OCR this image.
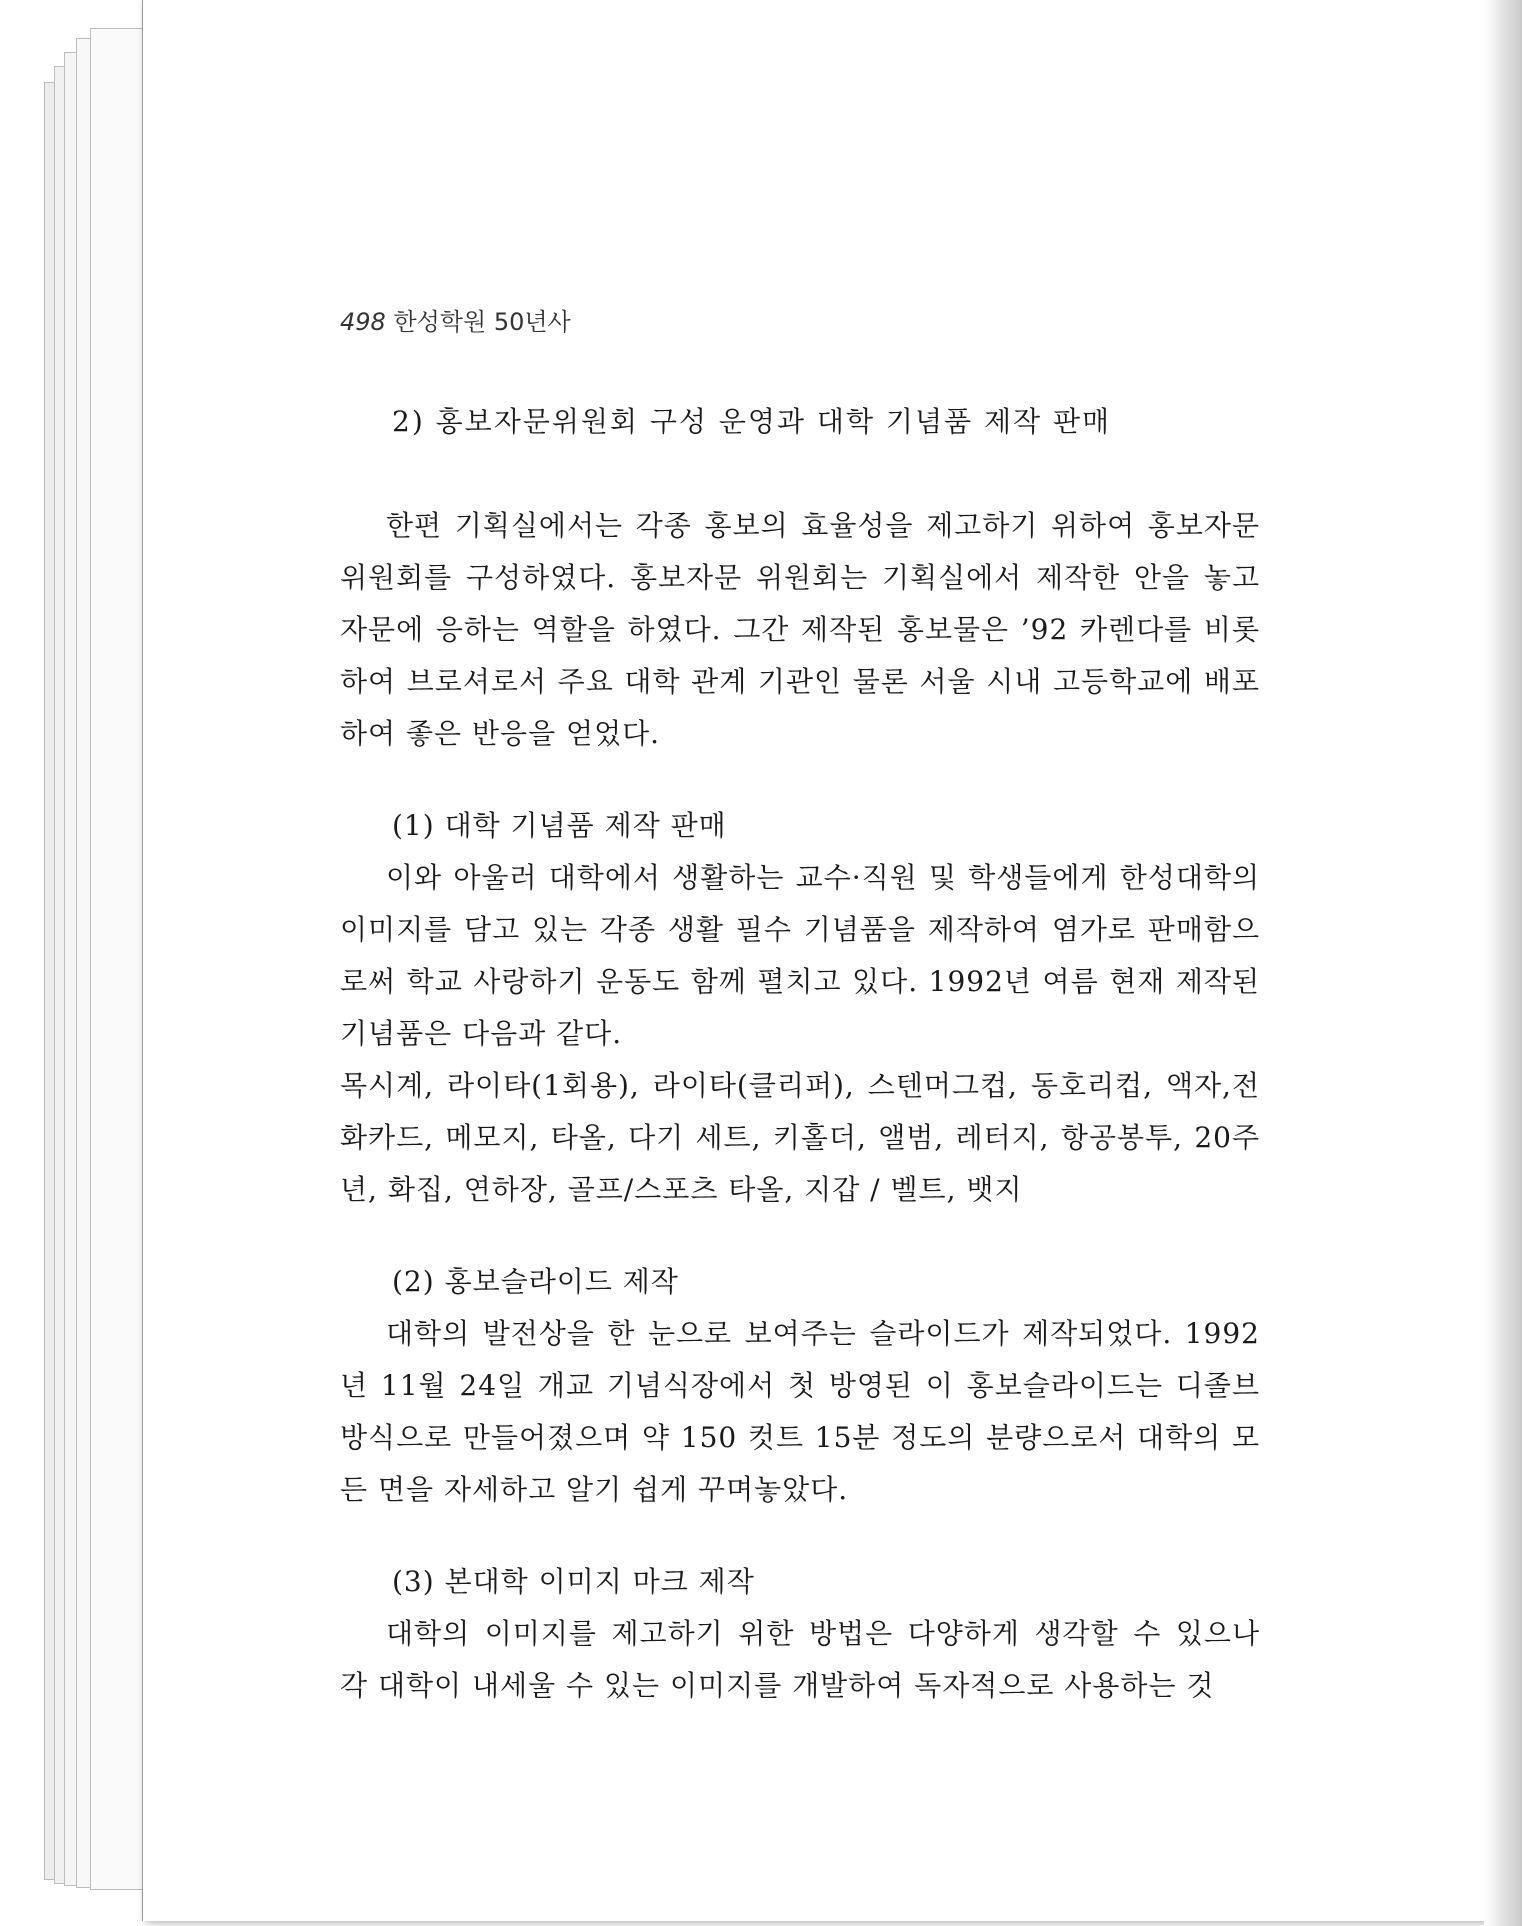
498 한성학원 50년사
2) 홍보자문위원회 구성 운영과 대학 기념품 제작 판매

한편 기획실에서는 각종 홍보의 효율성을 제고하기 위하여 홍보자문위원회를 구성하였다. 홍보자문 위원회는 기획실에서 제작한 안을 놓고 자문에 응하는 역할을 하였다. 그간 제작된 홍보물은 ’92 카렌다를 비롯하여 브로셔로서 주요 대학 관계 기관인 물론 서울 시내 고등학교에 배포하여 좋은 반응을 얻었다.

(1) 대학 기념품 제작 판매

이와 아울러 대학에서 생활하는 교수·직원 및 학생들에게 한성대학의 이미지를 담고 있는 각종 생활 필수 기념품을 제작하여 염가로 판매함으로써 학교 사랑하기 운동도 함께 펼치고 있다. 1992년 여름 현재 제작된 기념품은 다음과 같다.

목시계, 라이타(1회용), 라이타(클리퍼), 스텐머그컵, 동호리컵, 액자,전화카드, 메모지, 타올, 다기 세트, 키홀더, 앨범, 레터지, 항공봉투, 20주년, 화집, 연하장, 골프/스포츠 타올, 지갑 / 벨트, 뱃지

(2) 홍보슬라이드 제작

대학의 발전상을 한 눈으로 보여주는 슬라이드가 제작되었다. 1992년 11월 24일 개교 기념식장에서 첫 방영된 이 홍보슬라이드는 디졸브 방식으로 만들어졌으며 약 150 컷트 15분 정도의 분량으로서 대학의 모든 면을 자세하고 알기 쉽게 꾸며놓았다.

(3) 본대학 이미지 마크 제작

대학의 이미지를 제고하기 위한 방법은 다양하게 생각할 수 있으나 각 대학이 내세울 수 있는 이미지를 개발하여 독자적으로 사용하는 것
